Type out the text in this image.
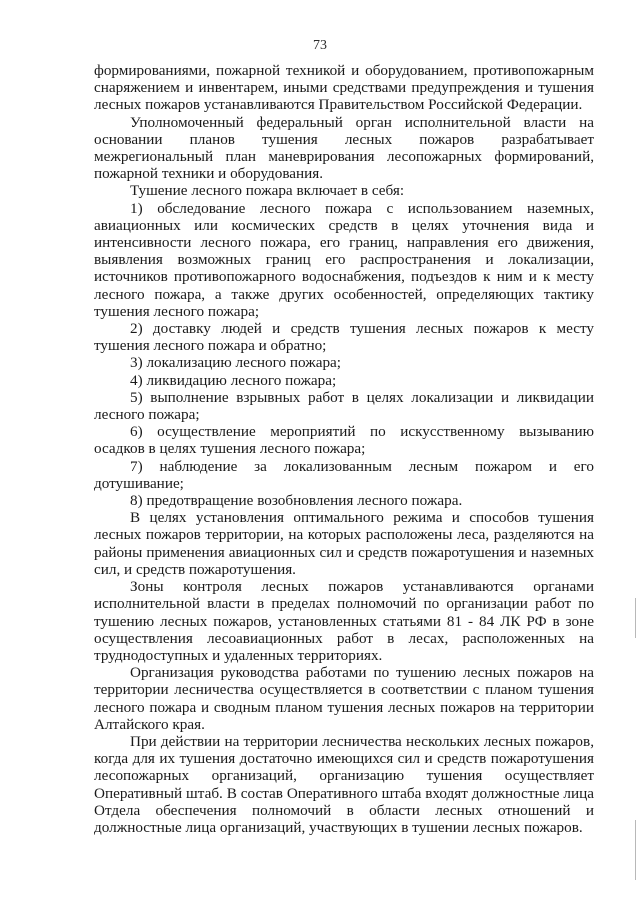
73

формированиями, пожарной техникой и оборудованием, противопожарным снаряжением и инвентарем, иными средствами предупреждения и тушения лесных пожаров устанавливаются Правительством Российской Федерации.

Уполномоченный федеральный орган исполнительной власти на основании планов тушения лесных пожаров разрабатывает межрегиональный план маневрирования лесопожарных формирований, пожарной техники и оборудования.

Тушение лесного пожара включает в себя:

1) обследование лесного пожара с использованием наземных, авиационных или космических средств в целях уточнения вида и интенсивности лесного пожара, его границ, направления его движения, выявления возможных границ его распространения и локализации, источников противопожарного водоснабжения, подъездов к ним и к месту лесного пожара, а также других особенностей, определяющих тактику тушения лесного пожара;

2) доставку людей и средств тушения лесных пожаров к месту тушения лесного пожара и обратно;

3) локализацию лесного пожара;

4) ликвидацию лесного пожара;

5) выполнение взрывных работ в целях локализации и ликвидации лесного пожара;

6) осуществление мероприятий по искусственному вызыванию осадков в целях тушения лесного пожара;

7) наблюдение за локализованным лесным пожаром и его дотушивание;

8) предотвращение возобновления лесного пожара.

В целях установления оптимального режима и способов тушения лесных пожаров территории, на которых расположены леса, разделяются на районы применения авиационных сил и средств пожаротушения и наземных сил, и средств пожаротушения.

Зоны контроля лесных пожаров устанавливаются органами исполнительной власти в пределах полномочий по организации работ по тушению лесных пожаров, установленных статьями 81 - 84 ЛК РФ в зоне осуществления лесоавиационных работ в лесах, расположенных на труднодоступных и удаленных территориях.

Организация руководства работами по тушению лесных пожаров на территории лесничества осуществляется в соответствии с планом тушения лесного пожара и сводным планом тушения лесных пожаров на территории Алтайского края.

При действии на территории лесничества нескольких лесных пожаров, когда для их тушения достаточно имеющихся сил и средств пожаротушения лесопожарных организаций, организацию тушения осуществляет Оперативный штаб. В состав Оперативного штаба входят должностные лица Отдела обеспечения полномочий в области лесных отношений и должностные лица организаций, участвующих в тушении лесных пожаров.
